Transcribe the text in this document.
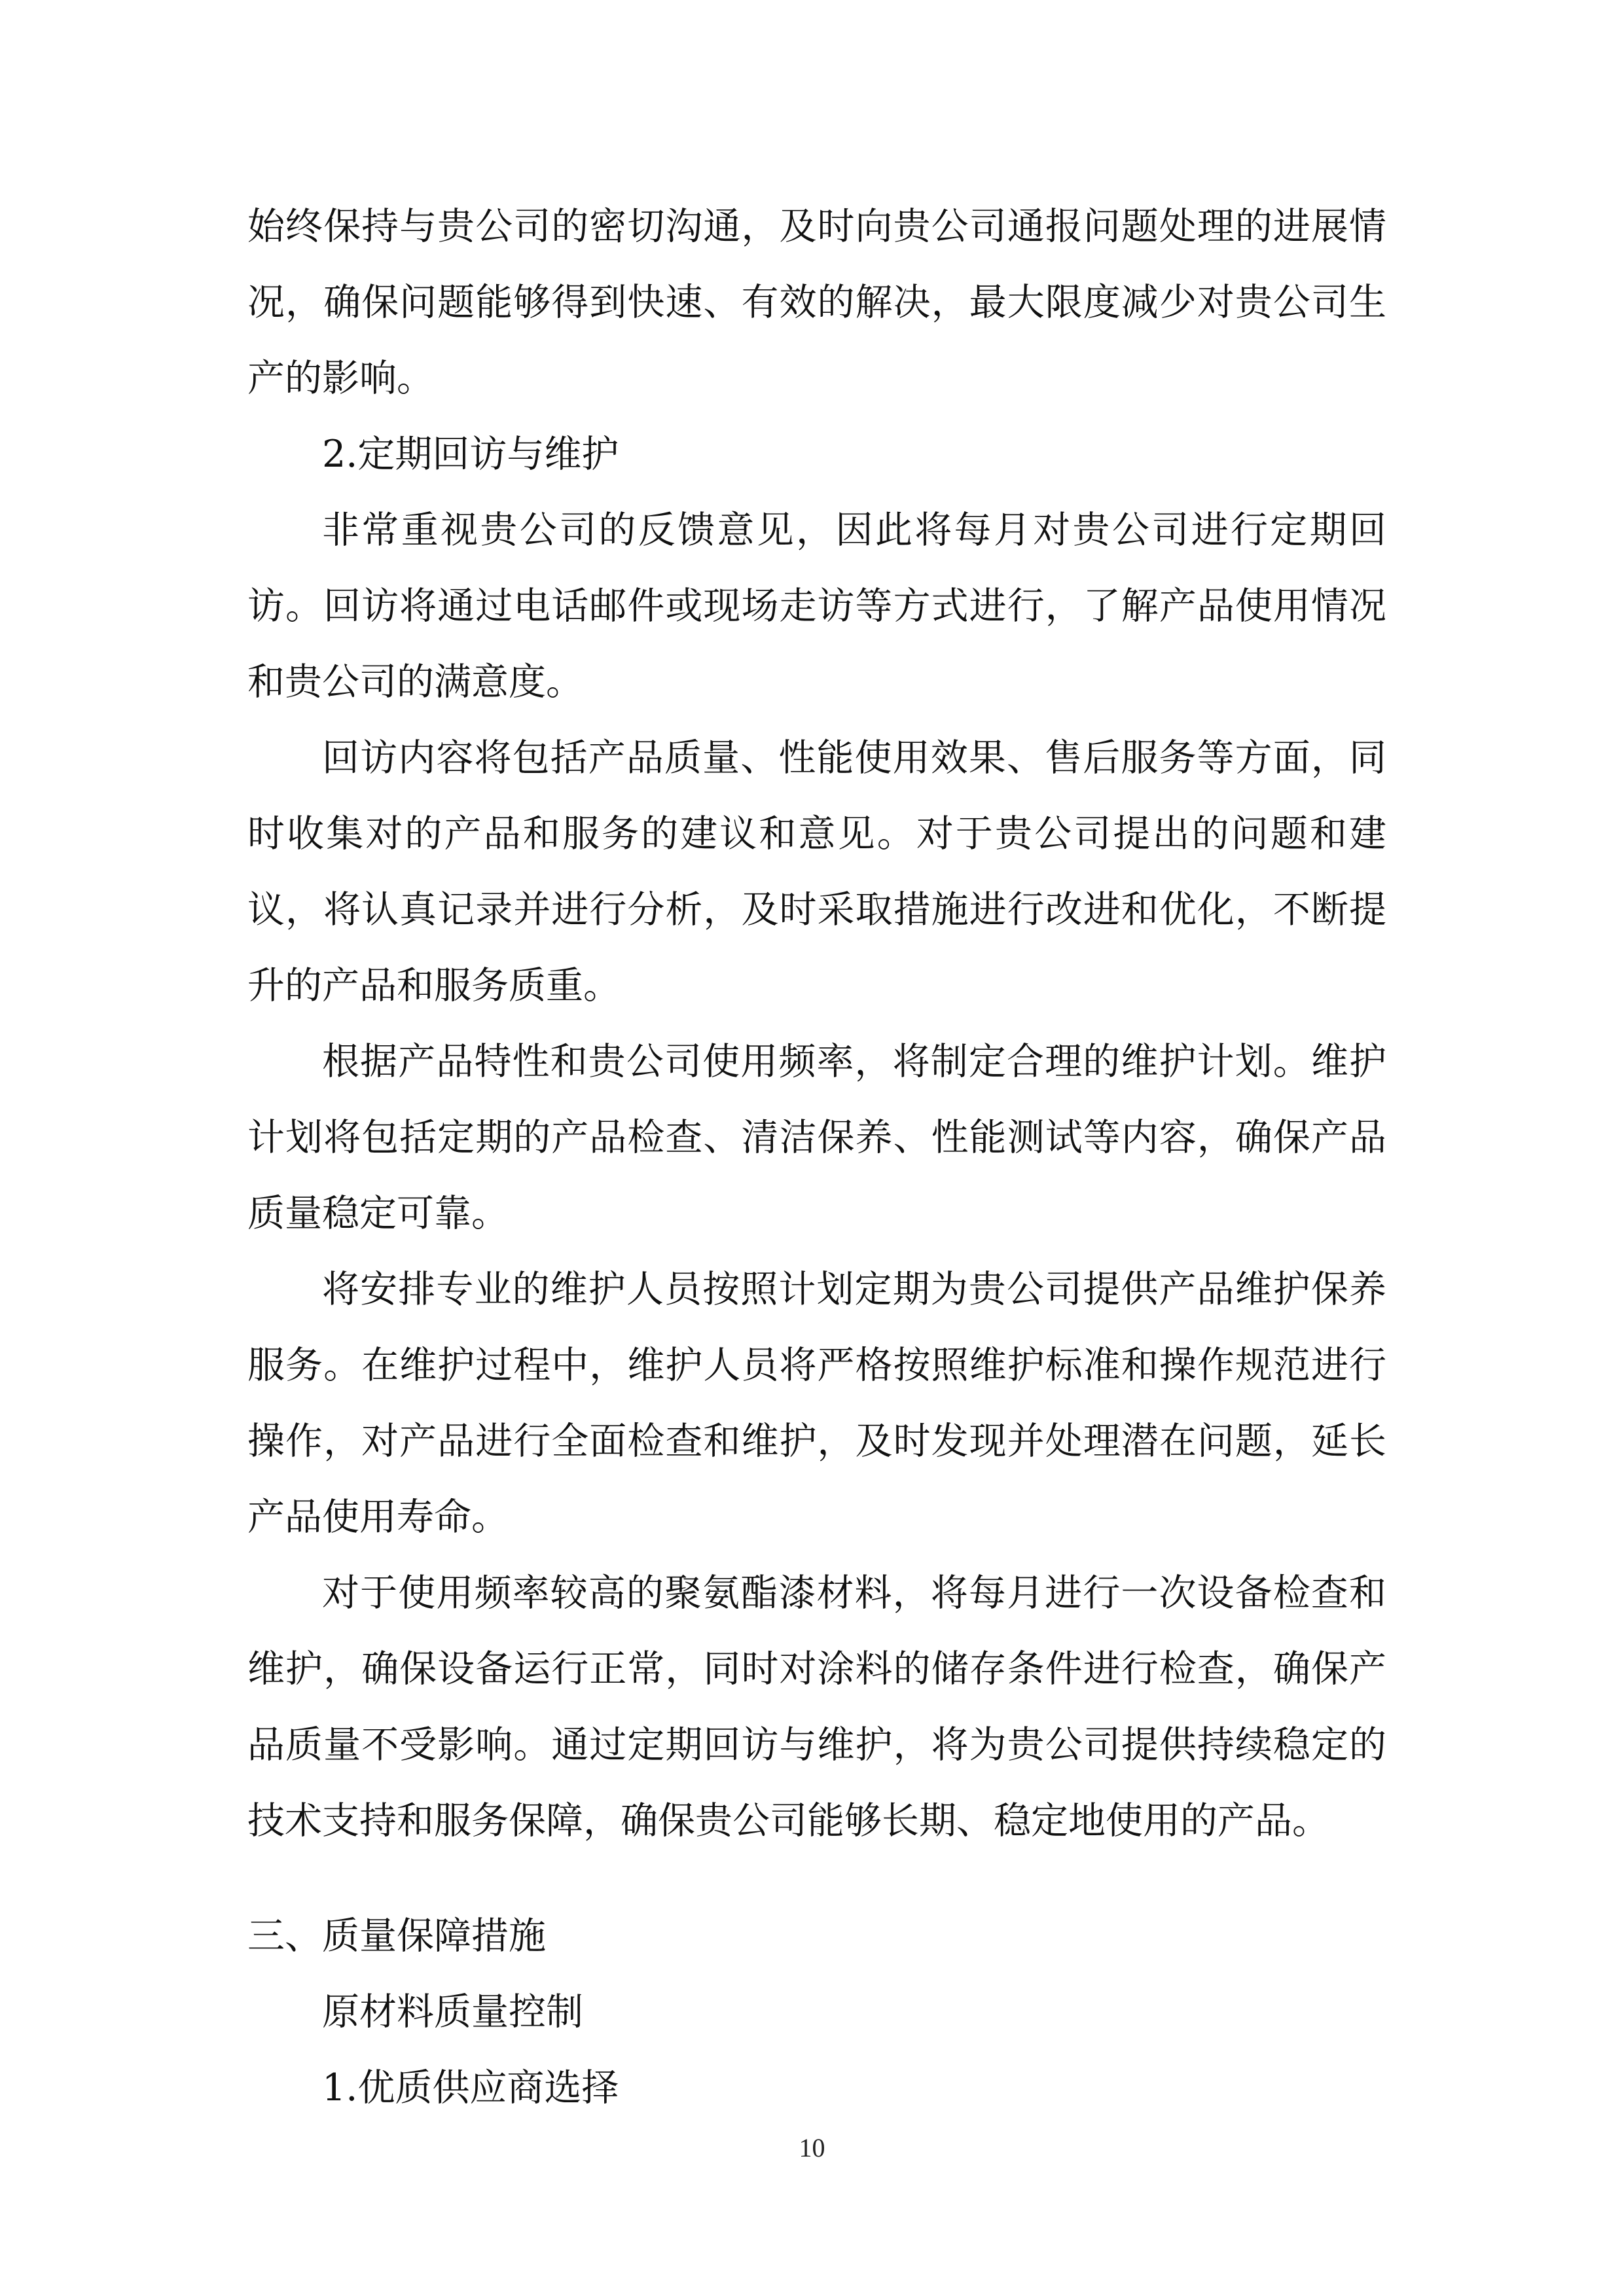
始终保持与贵公司的密切沟通，及时向贵公司通报问题处理的进展情况，确保问题能够得到快速、有效的解决，最大限度减少对贵公司生产的影响。

2.定期回访与维护

非常重视贵公司的反馈意见，因此将每月对贵公司进行定期回访。回访将通过电话邮件或现场走访等方式进行，了解产品使用情况和贵公司的满意度。

回访内容将包括产品质量、性能使用效果、售后服务等方面，同时收集对的产品和服务的建议和意见。对于贵公司提出的问题和建议，将认真记录并进行分析，及时采取措施进行改进和优化，不断提升的产品和服务质重。

根据产品特性和贵公司使用频率，将制定合理的维护计划。维护计划将包括定期的产品检查、清洁保养、性能测试等内容，确保产品质量稳定可靠。

将安排专业的维护人员按照计划定期为贵公司提供产品维护保养服务。在维护过程中，维护人员将严格按照维护标准和操作规范进行操作，对产品进行全面检查和维护，及时发现并处理潜在问题，延长产品使用寿命。

对于使用频率较高的聚氨酯漆材料，将每月进行一次设备检查和维护，确保设备运行正常，同时对涂料的储存条件进行检查，确保产品质量不受影响。通过定期回访与维护，将为贵公司提供持续稳定的技术支持和服务保障，确保贵公司能够长期、稳定地使用的产品。

三、质量保障措施

原材料质量控制

1.优质供应商选择

10
